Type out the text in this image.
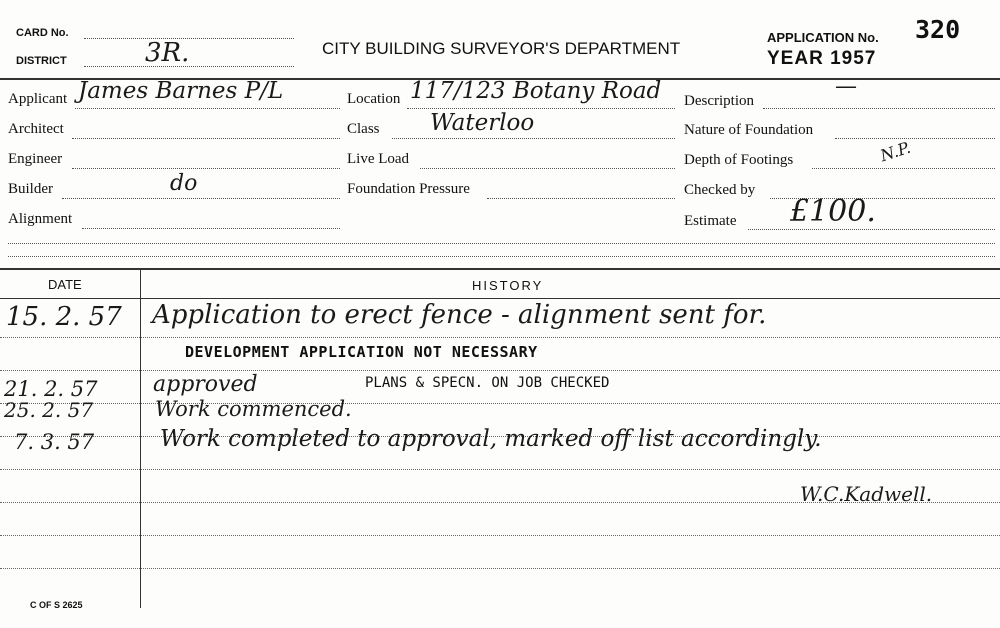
CARD No.
DISTRICT	3R.	CITY BUILDING SURVEYOR'S DEPARTMENT
APPLICATION No. 320
YEAR 1957
Applicant James Barnes P/L
Architect
Engineer
Builder	do
Alignment
Location 117/123 Botany Road
Class Waterloo
Live Load
Foundation Pressure
Description
—
Nature of Foundation
Depth of Footings	N.P.
Checked by
Estimate £100.
DATE	HISTORY
15. 2. 57 Application to erect fence - alignment sent for.
DEVELOPMENT APPLICATION NOT NECESSARY
21. 2. 57	approved	PLANS & SPECN. ON JOB CHECKED
25. 2. 57	Work commenced.
7. 3. 57	Work completed to approval, marked off list accordingly.
W.C.Kadwell.
C OF S 2625
